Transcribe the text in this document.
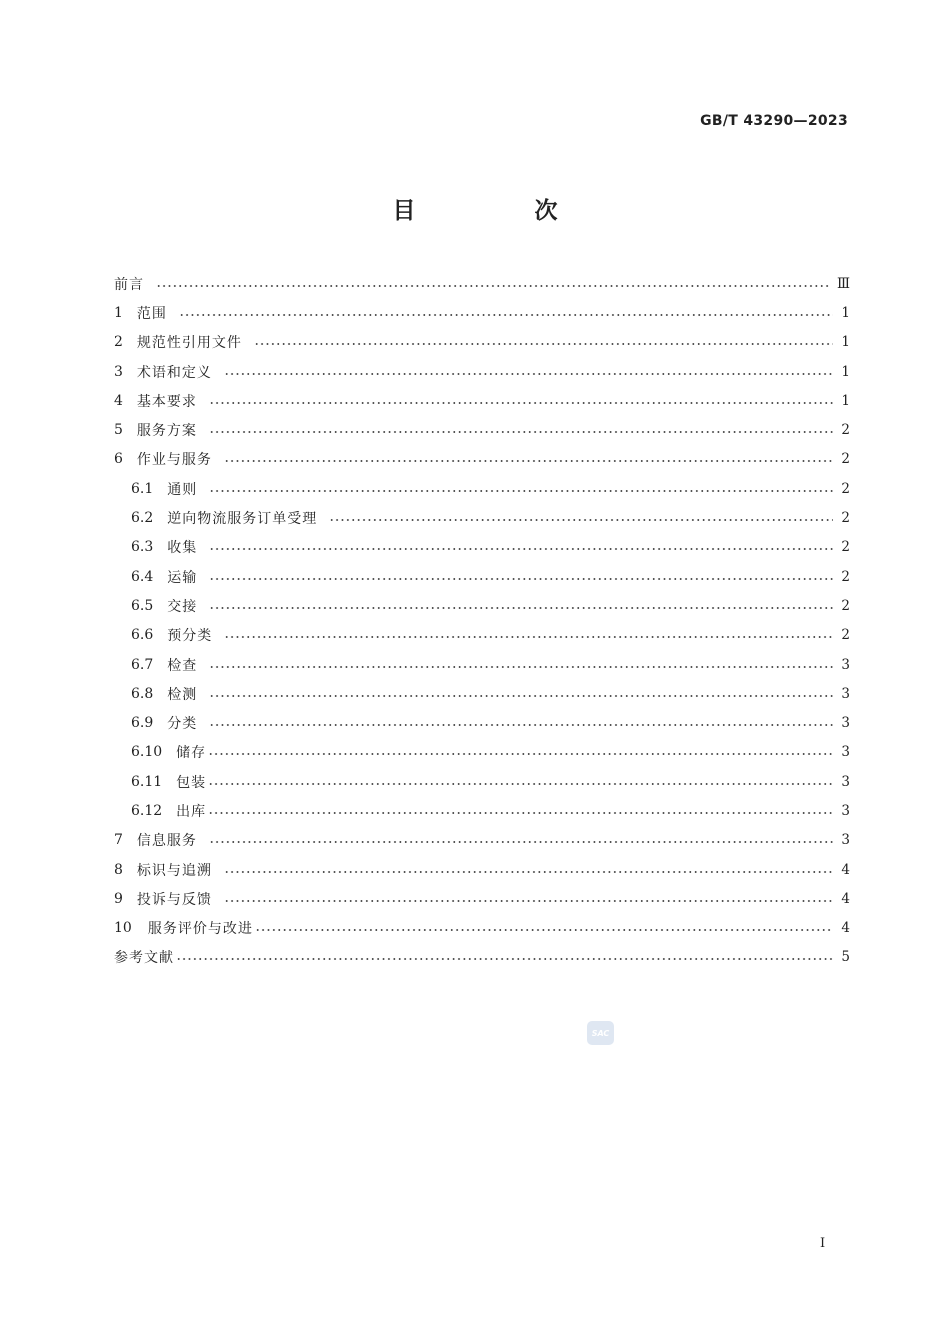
GB/T 43290—2023
目　次
前言	Ⅲ
1 范围	1
2 规范性引用文件	1
3 术语和定义	1
4 基本要求	1
5 服务方案	2
6 作业与服务	2
6.1 通则	2
6.2 逆向物流服务订单受理	2
6.3 收集	2
6.4 运输	2
6.5 交接	2
6.6 预分类	2
6.7 检查	3
6.8 检测	3
6.9 分类	3
6.10 储存	3
6.11 包装	3
6.12 出库	3
7 信息服务	3
8 标识与追溯	4
9 投诉与反馈	4
10 服务评价与改进	4
参考文献	5
SAC
I
